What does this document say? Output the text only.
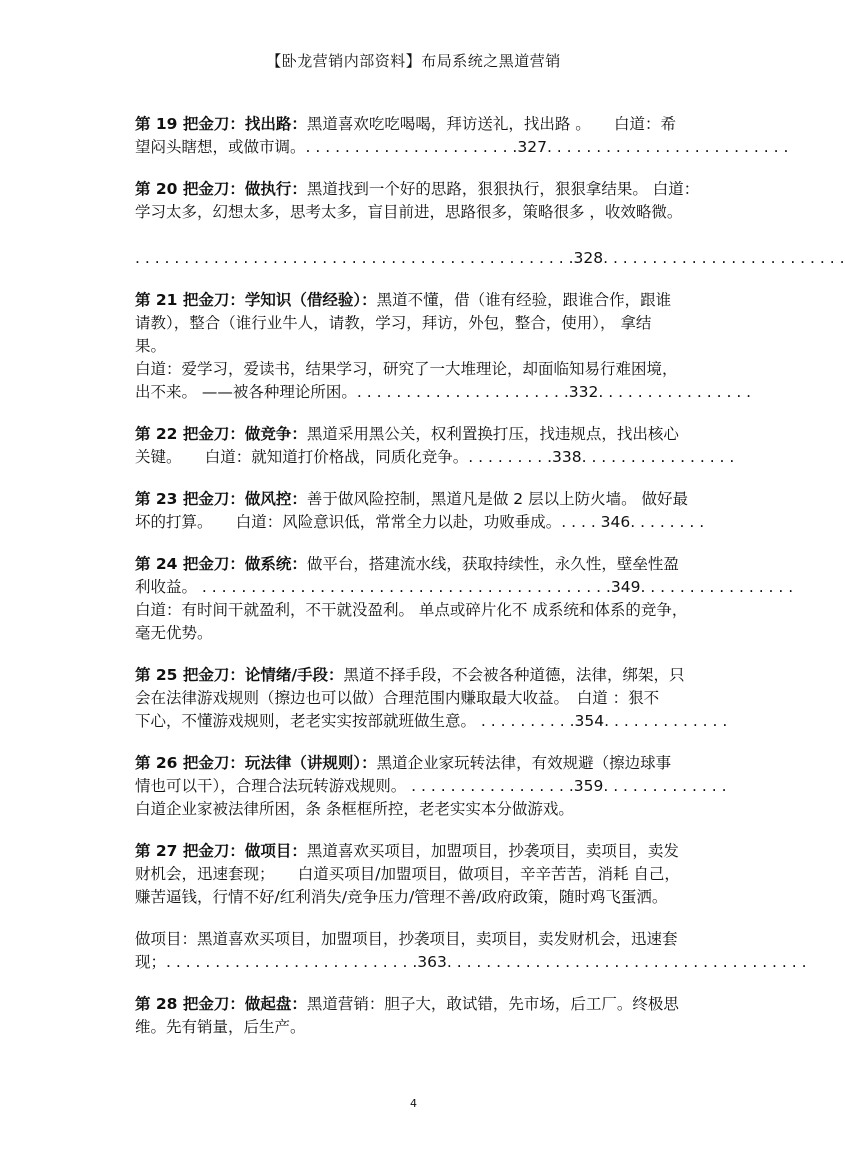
【卧龙营销内部资料】布局系统之黑道营销
第 19 把金刀：找出路：黑道喜欢吃吃喝喝，拜访送礼，找出路 。　　白道：希
望闷头瞎想，或做市调。. . . . . . . . . . . . . . . . . . . . . .327. . . . . . . . . . . . . . . . . . . . . . . . .
第 20 把金刀：做执行：黑道找到一个好的思路，狠狠执行，狠狠拿结果。 白道：
学习太多，幻想太多，思考太多，盲目前进，思路很多，策略很多 ，收效略微。
. . . . . . . . . . . . . . . . . . . . . . . . . . . . . . . . . . . . . . . . . . . . .328. . . . . . . . . . . . . . . . . . . . . . . . .
第 21 把金刀：学知识（借经验）：黑道不懂，借（谁有经验，跟谁合作，跟谁
请教），整合（谁行业牛人，请教，学习，拜访，外包，整合，使用）， 拿结
果。
白道：爱学习，爱读书，结果学习，研究了一大堆理论，却面临知易行难困境，
出不来。 ——被各种理论所困。. . . . . . . . . . . . . . . . . . . . . .332. . . . . . . . . . . . . . . .
第 22 把金刀：做竞争：黑道采用黑公关，权利置换打压，找违规点，找出核心
关键。　　白道：就知道打价格战，同质化竞争。. . . . . . . . .338. . . . . . . . . . . . . . . .
第 23 把金刀：做风控：善于做风险控制，黑道凡是做 2 层以上防火墙。 做好最
坏的打算。　　白道：风险意识低，常常全力以赴，功败垂成。. . . . 346. . . . . . . .
第 24 把金刀：做系统：做平台，搭建流水线，获取持续性，永久性，壁垒性盈
利收益。 . . . . . . . . . . . . . . . . . . . . . . . . . . . . . . . . . . . . . . . . . .349. . . . . . . . . . . . . . . .
白道：有时间干就盈利，不干就没盈利。 单点或碎片化不 成系统和体系的竞争，
毫无优势。
第 25 把金刀：论情绪/手段：黑道不择手段，不会被各种道德，法律，绑架，只
会在法律游戏规则（擦边也可以做）合理范围内赚取最大收益。　白道 ：狠不
下心，不懂游戏规则，老老实实按部就班做生意。 . . . . . . . . . .354. . . . . . . . . . . . .
第 26 把金刀：玩法律（讲规则）：黑道企业家玩转法律，有效规避（擦边球事
情也可以干），合理合法玩转游戏规则。 . . . . . . . . . . . . . . . . .359. . . . . . . . . . . . .
白道企业家被法律所困，条 条框框所控，老老实实本分做游戏。
第 27 把金刀：做项目：黑道喜欢买项目，加盟项目，抄袭项目，卖项目，卖发
财机会，迅速套现；　　白道买项目/加盟项目，做项目，辛辛苦苦，消耗 自己，
赚苦逼钱，行情不好/红利消失/竞争压力/管理不善/政府政策，随时鸡飞蛋洒。
做项目：黑道喜欢买项目，加盟项目，抄袭项目，卖项目，卖发财机会，迅速套
现；. . . . . . . . . . . . . . . . . . . . . . . . . .363. . . . . . . . . . . . . . . . . . . . . . . . . . . . . . . . . . . . .
第 28 把金刀：做起盘：黑道营销：胆子大，敢试错，先市场，后工厂。终极思
维。先有销量，后生产。
4
